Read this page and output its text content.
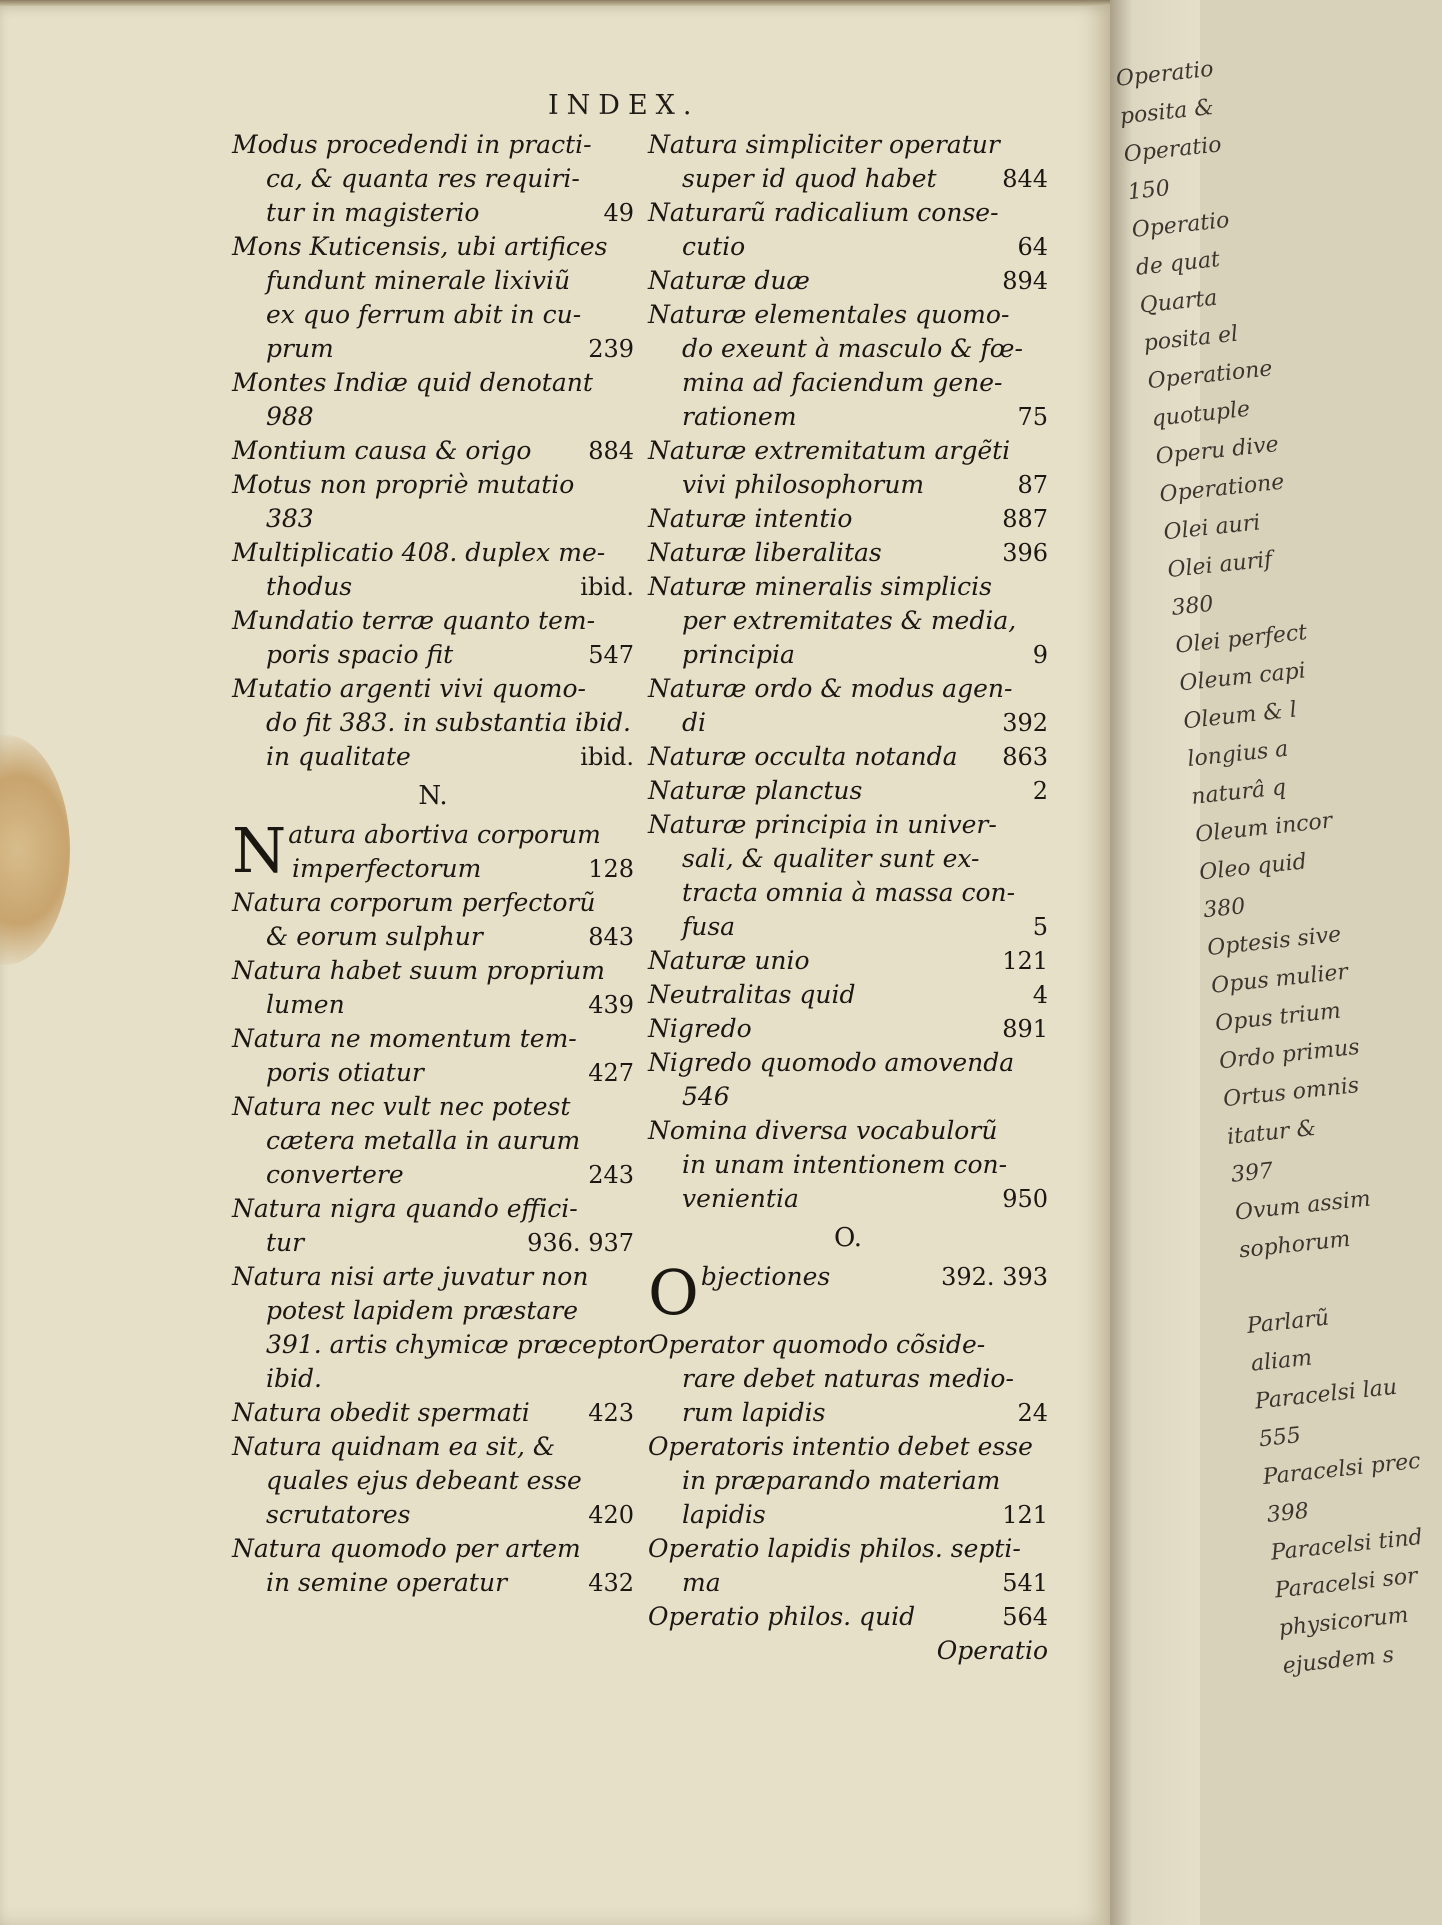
INDEX.
Modus procedendi in practi-
ca, & quanta res requiri-
tur in magisterio	49
Mons Kuticensis, ubi artifices
fundunt minerale lixiviũ
ex quo ferrum abit in cu-
prum	239
Montes Indiæ quid denotant
988
Montium causa & origo 884
Motus non propriè mutatio
383
Multiplicatio 408. duplex me-
thodus	ibid.
Mundatio terræ quanto tem-
poris spacio fit	547
Mutatio argenti vivi quomo-
do fit 383. in substantia ibid.
in qualitate	ibid.
N.
Natura abortiva corporum
imperfectorum	128
Natura corporum perfectorũ
& eorum sulphur	843
Natura habet suum proprium
lumen	439
Natura ne momentum tem-
poris otiatur	427
Natura nec vult nec potest
cætera metalla in aurum
convertere	243
Natura nigra quando effici-
tur	936. 937
Natura nisi arte juvatur non
potest lapidem præstare
391. artis chymicæ præceptor
ibid.
Natura obedit spermati 423
Natura quidnam ea sit, &
quales ejus debeant esse
scrutatores	420
Natura quomodo per artem
in semine operatur	432
Natura simpliciter operatur
super id quod habet	844
Naturarũ radicalium conse-
cutio	64
Naturæ duæ	894
Naturæ elementales quomo-
do exeunt à masculo & fœ-
mina ad faciendum gene-
rationem	75
Naturæ extremitatum argẽti
vivi philosophorum	87
Naturæ intentio	887
Naturæ liberalitas	396
Naturæ mineralis simplicis
per extremitates & media,
principia	9
Naturæ ordo & modus agen-
di	392
Naturæ occulta notanda 863
Naturæ planctus	2
Naturæ principia in univer-
sali, & qualiter sunt ex-
tracta omnia à massa con-
fusa	5
Naturæ unio	121
Neutralitas quid	4
Nigredo	891
Nigredo quomodo amovenda
546
Nomina diversa vocabulorũ
in unam intentionem con-
venientia	950
O.
Objectiones	392. 393
Operator quomodo cõside-
rare debet naturas medio-
rum lapidis	24
Operatoris intentio debet esse
in præparando materiam
lapidis	121
Operatio lapidis philos. septi-
ma	541
Operatio philos. quid	564
Operatio
Operatio
posita &
Operatio
150
Operatio
de quat
Quarta
posita el
Operatione
quotuple
Operu dive
Operatione
Olei auri
Olei aurif
380
Olei perfect
Oleum capi
Oleum & l
longius a
naturâ q
Oleum incor
Oleo quid
380
Optesis sive
Opus mulier
Opus trium
Ordo primus
Ortus omnis
itatur &
397
Ovum assim
sophorum
Parlarũ
aliam
Paracelsi lau
555
Paracelsi prec
398
Paracelsi tind
Paracelsi sor
physicorum
ejusdem s
